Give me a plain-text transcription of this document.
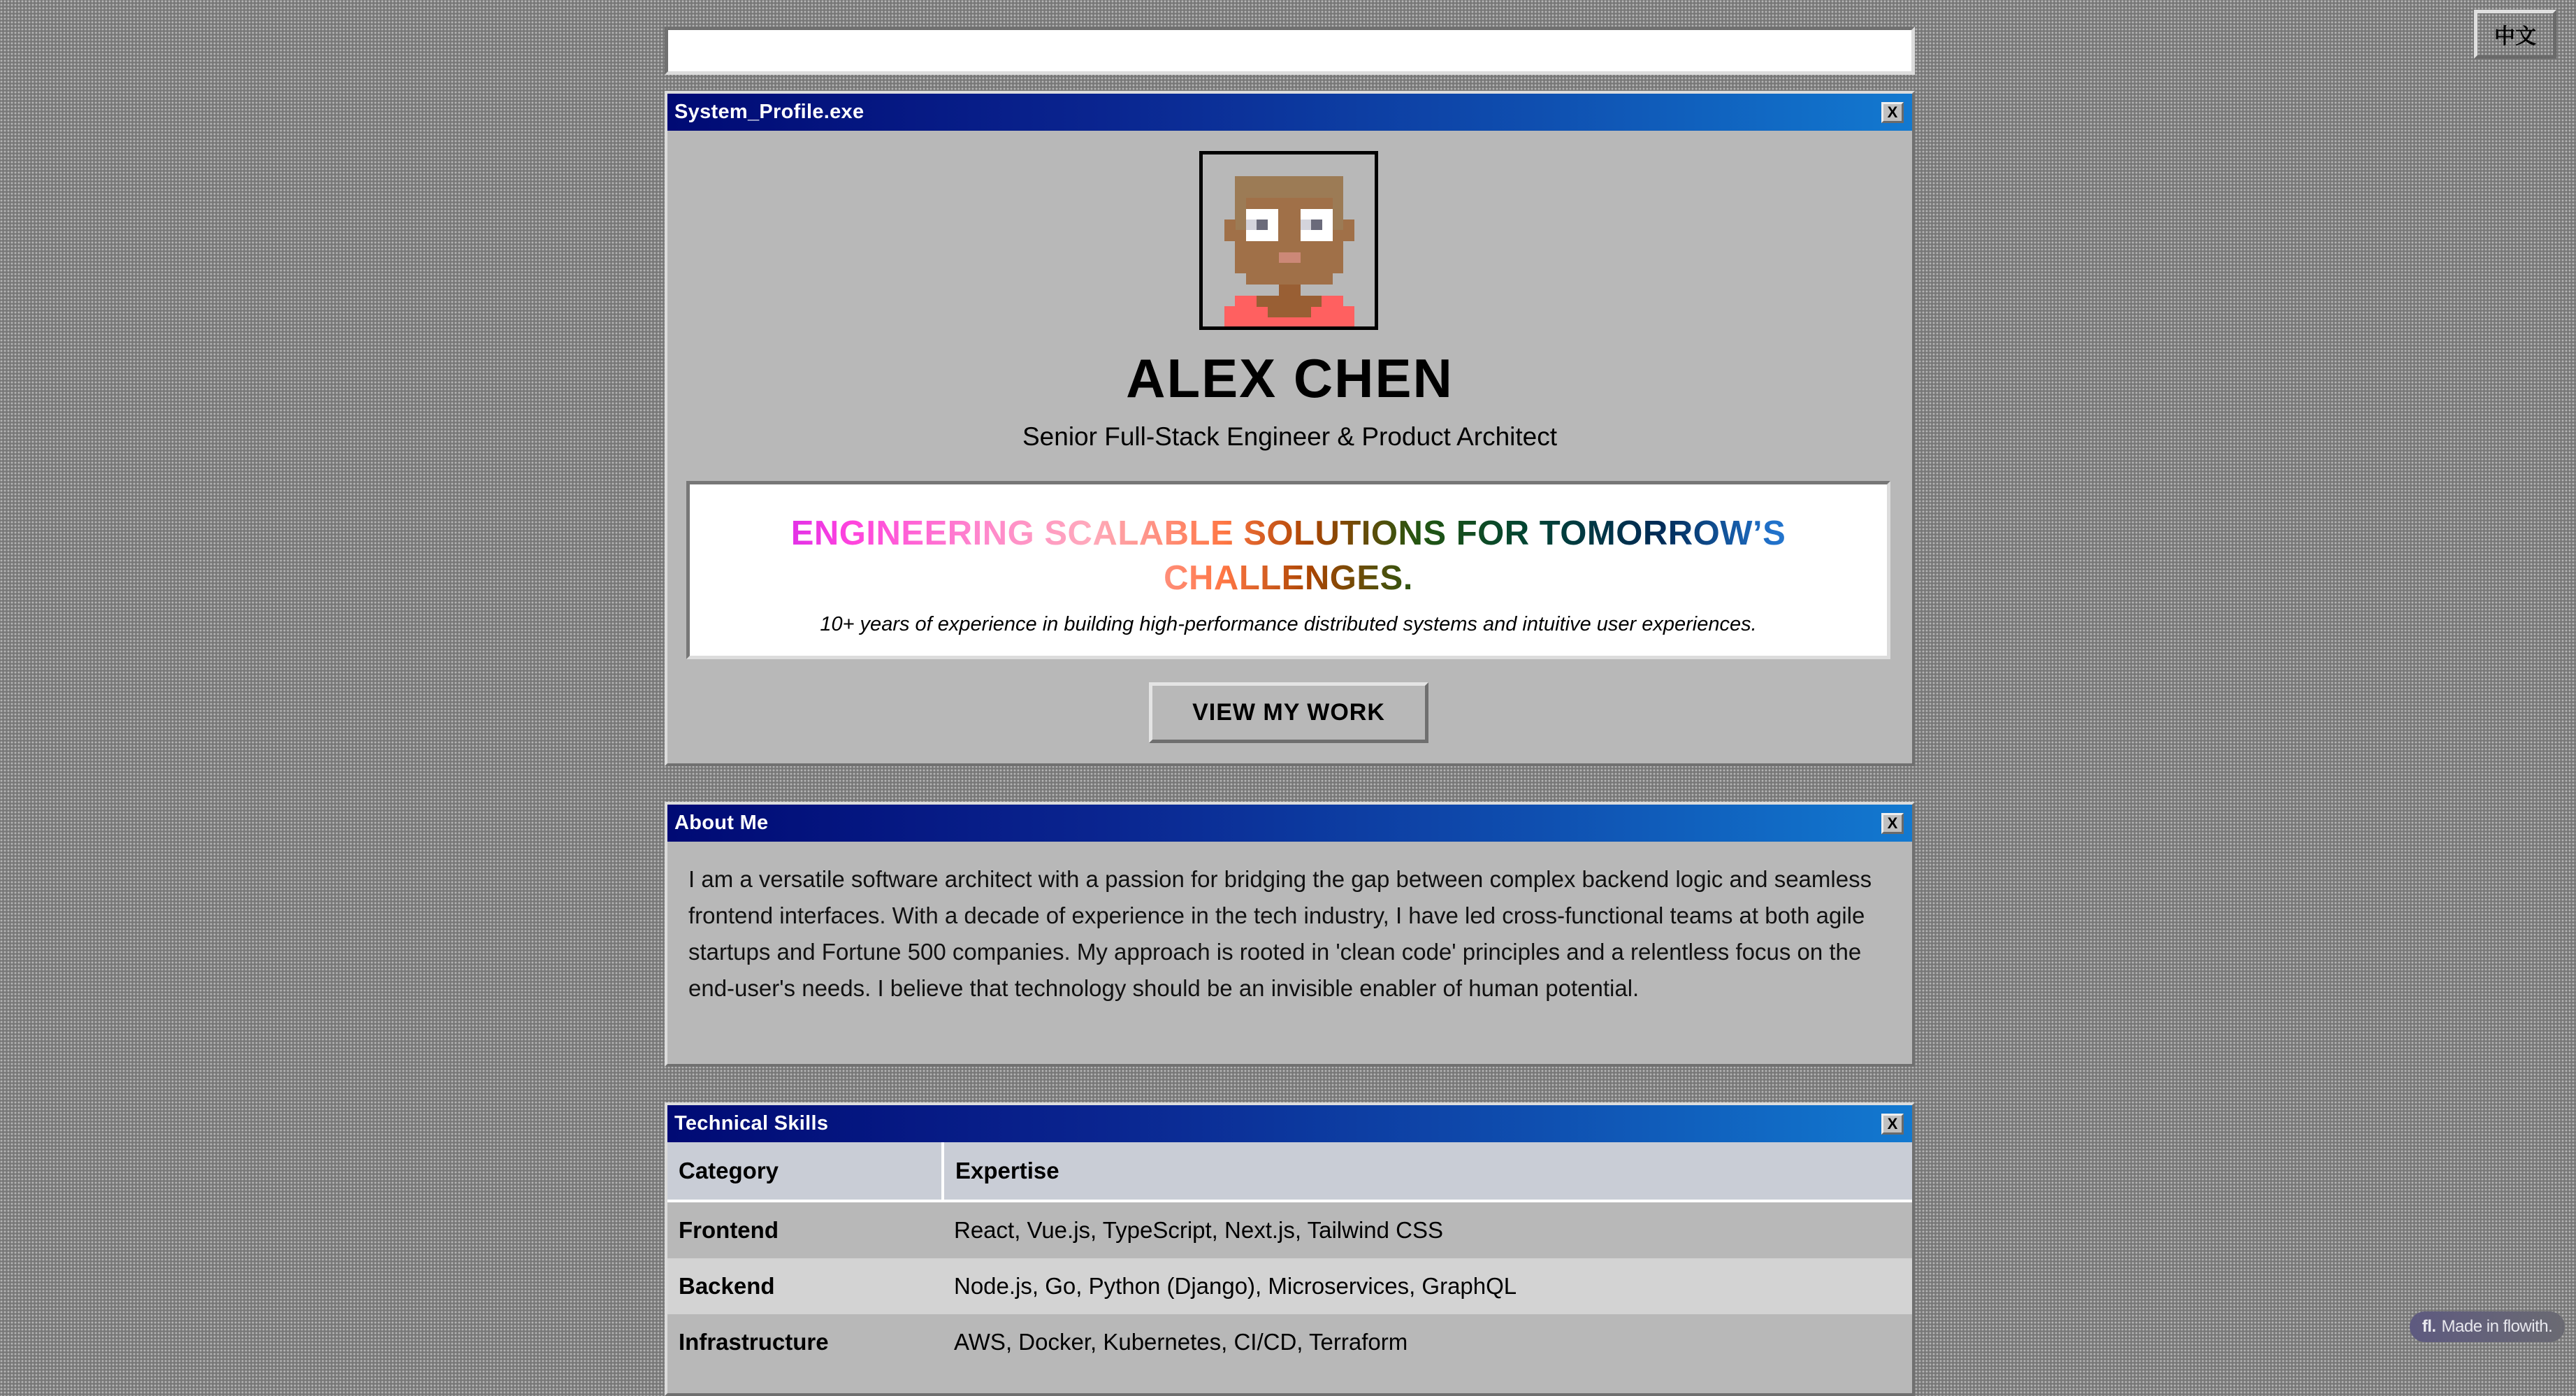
中文
System_Profile.exe	X
ALEX CHEN
Senior Full-Stack Engineer & Product Architect
ENGINEERING SCALABLE SOLUTIONS FOR TOMORROW’S CHALLENGES.
10+ years of experience in building high-performance distributed systems and intuitive user experiences.
VIEW MY WORK
About Me	X
I am a versatile software architect with a passion for bridging the gap between complex backend logic and seamless frontend interfaces. With a decade of experience in the tech industry, I have led cross-functional teams at both agile startups and Fortune 500 companies. My approach is rooted in 'clean code' principles and a relentless focus on the end-user's needs. I believe that technology should be an invisible enabler of human potential.
Technical Skills	X
Category	Expertise
Frontend	React, Vue.js, TypeScript, Next.js, Tailwind CSS
Backend	Node.js, Go, Python (Django), Microservices, GraphQL
Infrastructure	AWS, Docker, Kubernetes, CI/CD, Terraform
fl. Made in flowith.
